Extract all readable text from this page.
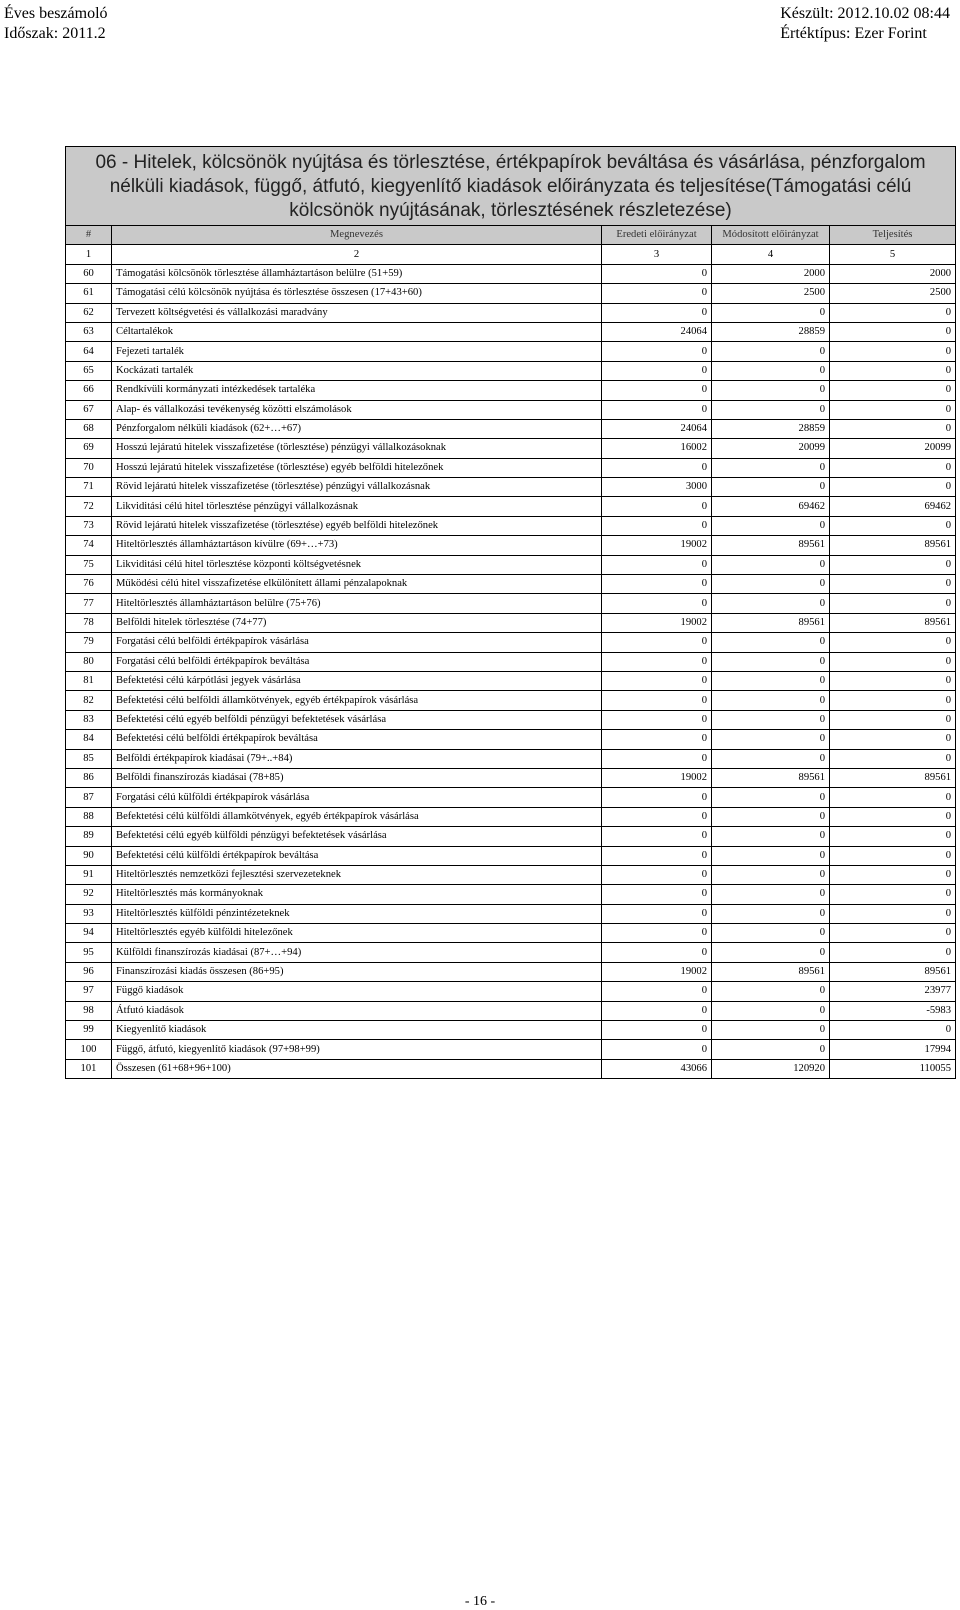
Éves beszámoló
Időszak: 2011.2
Készült: 2012.10.02 08:44
Értéktípus: Ezer Forint
06 - Hitelek, kölcsönök nyújtása és törlesztése, értékpapírok beváltása és vásárlása, pénzforgalom nélküli kiadások, függő, átfutó, kiegyenlítő kiadások előirányzata és teljesítése(Támogatási célú kölcsönök nyújtásának, törlesztésének részletezése)				
#	Megnevezés	Eredeti előirányzat	Módosított előirányzat	Teljesítés
1	2	3	4	5
60	Támogatási kölcsönök törlesztése államháztartáson belülre (51+59)	0	2000	2000
61	Támogatási célú kölcsönök nyújtása és törlesztése összesen (17+43+60)	0	2500	2500
62	Tervezett költségvetési és vállalkozási maradvány	0	0	0
63	Céltartalékok	24064	28859	0
64	Fejezeti tartalék	0	0	0
65	Kockázati tartalék	0	0	0
66	Rendkívüli kormányzati intézkedések tartaléka	0	0	0
67	Alap- és vállalkozási tevékenység közötti elszámolások	0	0	0
68	Pénzforgalom nélküli kiadások (62+…+67)	24064	28859	0
69	Hosszú lejáratú hitelek visszafizetése (törlesztése) pénzügyi vállalkozásoknak	16002	20099	20099
70	Hosszú lejáratú hitelek visszafizetése (törlesztése) egyéb belföldi hitelezőnek	0	0	0
71	Rövid lejáratú hitelek visszafizetése (törlesztése) pénzügyi vállalkozásnak	3000	0	0
72	Likviditási célú hitel törlesztése pénzügyi vállalkozásnak	0	69462	69462
73	Rövid lejáratú hitelek visszafizetése (törlesztése) egyéb belföldi hitelezőnek	0	0	0
74	Hiteltörlesztés államháztartáson kívülre (69+…+73)	19002	89561	89561
75	Likviditási célú hitel törlesztése központi költségvetésnek	0	0	0
76	Működési célú hitel visszafizetése elkülönített állami pénzalapoknak	0	0	0
77	Hiteltörlesztés államháztartáson belülre (75+76)	0	0	0
78	Belföldi hitelek törlesztése (74+77)	19002	89561	89561
79	Forgatási célú belföldi értékpapírok vásárlása	0	0	0
80	Forgatási célú belföldi értékpapírok beváltása	0	0	0
81	Befektetési célú kárpótlási jegyek vásárlása	0	0	0
82	Befektetési célú belföldi államkötvények, egyéb értékpapírok vásárlása	0	0	0
83	Befektetési célú egyéb belföldi pénzügyi befektetések vásárlása	0	0	0
84	Befektetési célú belföldi értékpapírok beváltása	0	0	0
85	Belföldi értékpapírok kiadásai (79+..+84)	0	0	0
86	Belföldi finanszírozás kiadásai (78+85)	19002	89561	89561
87	Forgatási célú külföldi értékpapírok vásárlása	0	0	0
88	Befektetési célú külföldi államkötvények, egyéb értékpapírok vásárlása	0	0	0
89	Befektetési célú egyéb külföldi pénzügyi befektetések vásárlása	0	0	0
90	Befektetési célú külföldi értékpapírok beváltása	0	0	0
91	Hiteltörlesztés nemzetközi fejlesztési szervezeteknek	0	0	0
92	Hiteltörlesztés más kormányoknak	0	0	0
93	Hiteltörlesztés külföldi pénzintézeteknek	0	0	0
94	Hiteltörlesztés egyéb külföldi hitelezőnek	0	0	0
95	Külföldi finanszírozás kiadásai (87+…+94)	0	0	0
96	Finanszírozási kiadás összesen (86+95)	19002	89561	89561
97	Függő kiadások	0	0	23977
98	Átfutó kiadások	0	0	-5983
99	Kiegyenlítő kiadások	0	0	0
100	Függő, átfutó, kiegyenlítő kiadások (97+98+99)	0	0	17994
101	Összesen (61+68+96+100)	43066	120920	110055
- 16 -
